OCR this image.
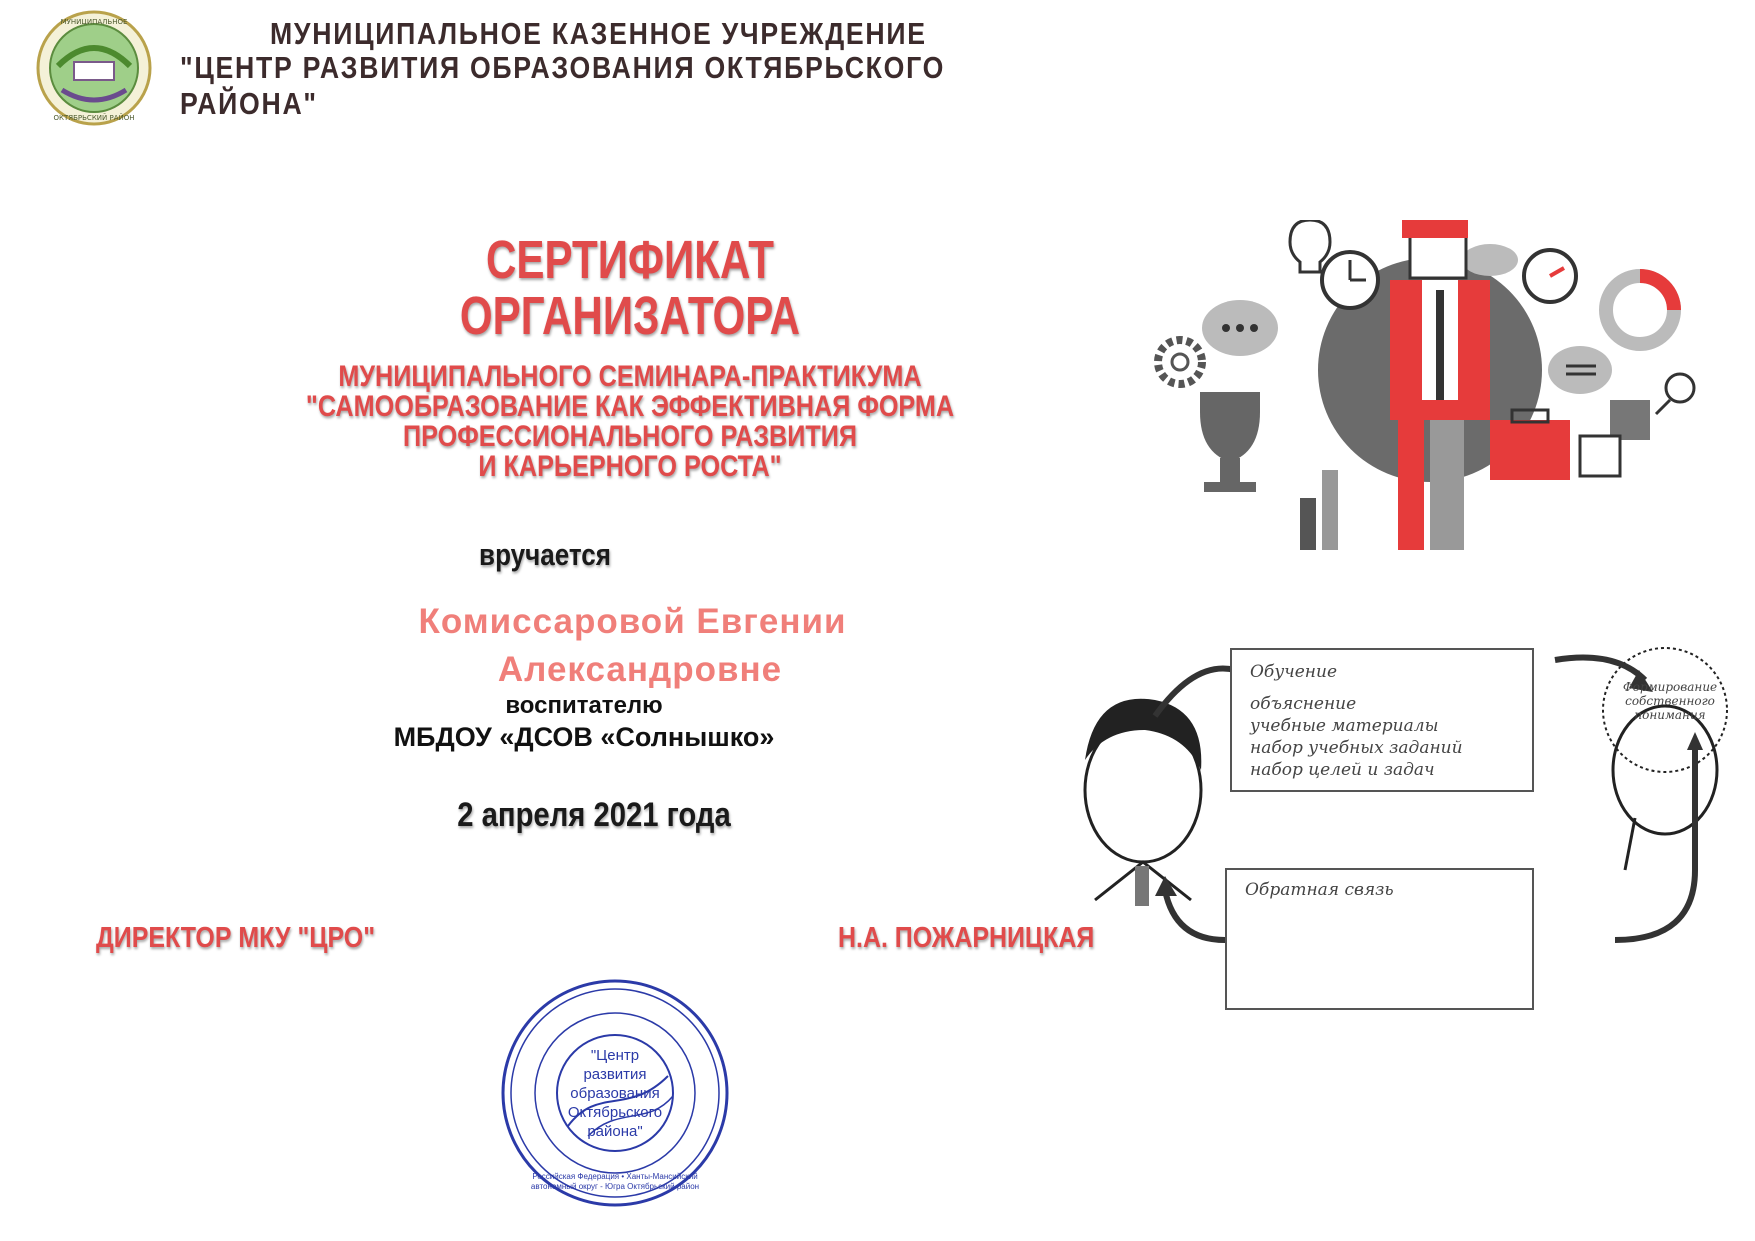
МУНИЦИПАЛЬНОЕ
ОКТЯБРЬСКИЙ РАЙОН
МУНИЦИПАЛЬНОЕ КАЗЕННОЕ УЧРЕЖДЕНИЕ
"ЦЕНТР РАЗВИТИЯ ОБРАЗОВАНИЯ ОКТЯБРЬСКОГО РАЙОНА"
СЕРТИФИКАТ
ОРГАНИЗАТОРА
МУНИЦИПАЛЬНОГО СЕМИНАРА-ПРАКТИКУМА
"САМООБРАЗОВАНИЕ КАК ЭФФЕКТИВНАЯ ФОРМА
ПРОФЕССИОНАЛЬНОГО РАЗВИТИЯ
И КАРЬЕРНОГО РОСТА"
вручается
Комиссаровой Евгении
Александровне
воспитателю
МБДОУ «ДСОВ «Солнышко»
2 апреля 2021 года
ДИРЕКТОР МКУ "ЦРО"	Н.А. ПОЖАРНИЦКАЯ
"Центр развития образования Октябрьского района"
Российская Федерация • Ханты-Мансийский автономный округ - Югра Октябрьский район
Обучение
объяснение
учебные материалы
набор учебных заданий
набор целей и задач
Обратная связь
Формирование собственного понимания
